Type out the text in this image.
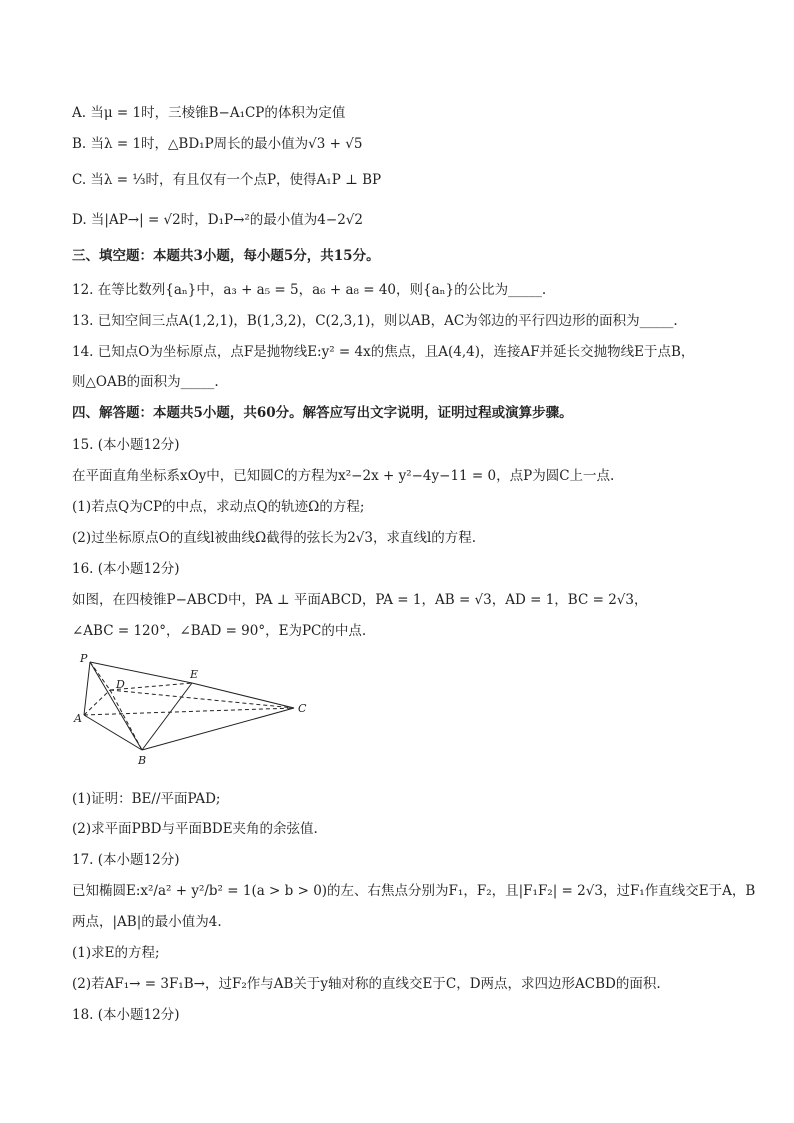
A. 当μ = 1时，三棱锥B−A₁CP的体积为定值
B. 当λ = 1时，△BD₁P周长的最小值为√3 + √5
C. 当λ = ⅓时，有且仅有一个点P，使得A₁P ⊥ BP
D. 当|AP→| = √2时，D₁P→²的最小值为4−2√2
三、填空题：本题共3小题，每小题5分，共15分。
12. 在等比数列{aₙ}中，a₃ + a₅ = 5，a₆ + a₈ = 40，则{aₙ}的公比为_____.
13. 已知空间三点A(1,2,1)，B(1,3,2)，C(2,3,1)，则以AB，AC为邻边的平行四边形的面积为_____.
14. 已知点O为坐标原点，点F是抛物线E:y² = 4x的焦点，且A(4,4)，连接AF并延长交抛物线E于点B，
则△OAB的面积为_____.
四、解答题：本题共5小题，共60分。解答应写出文字说明，证明过程或演算步骤。
15. (本小题12分)
在平面直角坐标系xOy中，已知圆C的方程为x²−2x + y²−4y−11 = 0，点P为圆C上一点.
(1)若点Q为CP的中点，求动点Q的轨迹Ω的方程;
(2)过坐标原点O的直线l被曲线Ω截得的弦长为2√3，求直线l的方程.
16. (本小题12分)
如图，在四棱锥P−ABCD中，PA ⊥ 平面ABCD，PA = 1，AB = √3，AD = 1，BC = 2√3，
∠ABC = 120°，∠BAD = 90°，E为PC的中点.
P
D
E
C
A
B
(1)证明：BE//平面PAD;
(2)求平面PBD与平面BDE夹角的余弦值.
17. (本小题12分)
已知椭圆E:x²/a² + y²/b² = 1(a > b > 0)的左、右焦点分别为F₁，F₂，且|F₁F₂| = 2√3，过F₁作直线交E于A，B
两点，|AB|的最小值为4.
(1)求E的方程;
(2)若AF₁→ = 3F₁B→，过F₂作与AB关于y轴对称的直线交E于C，D两点，求四边形ACBD的面积.
18. (本小题12分)
